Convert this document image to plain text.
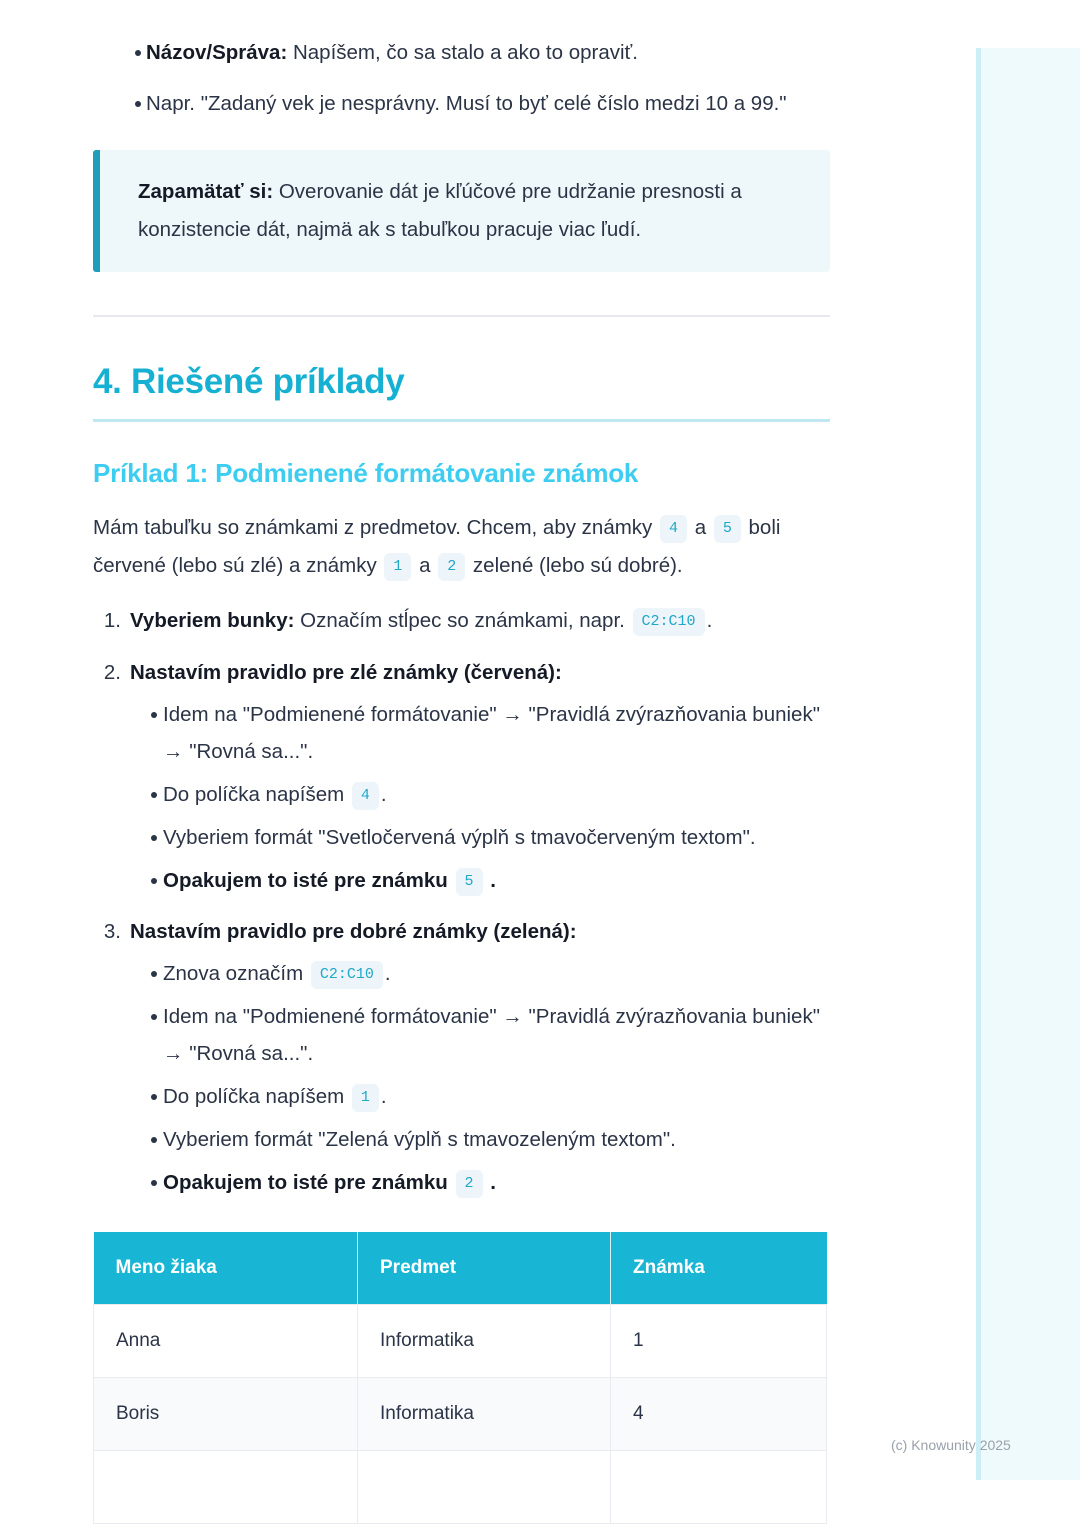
Názov/Správa: Napíšem, čo sa stalo a ako to opraviť.
Napr. "Zadaný vek je nesprávny. Musí to byť celé číslo medzi 10 a 99."
Zapamätať si: Overovanie dát je kľúčové pre udržanie presnosti a konzistencie dát, najmä ak s tabuľkou pracuje viac ľudí.
4. Riešené príklady
Príklad 1: Podmienené formátovanie známok

Mám tabuľku so známkami z predmetov. Chcem, aby známky 4 a 5 boli červené (lebo sú zlé) a známky 1 a 2 zelené (lebo sú dobré).

1. Vyberiem bunky: Označím stĺpec so známkami, napr. C2:C10 .
2. Nastavím pravidlo pre zlé známky (červená):
Idem na "Podmienené formátovanie" → "Pravidlá zvýrazňovania buniek" → "Rovná sa...".
Do políčka napíšem 4 .
Vyberiem formát "Svetločervená výplň s tmavočerveným textom".
Opakujem to isté pre známku 5 .
3. Nastavím pravidlo pre dobré známky (zelená):
Znova označím C2:C10 .
Idem na "Podmienené formátovanie" → "Pravidlá zvýrazňovania buniek" → "Rovná sa...".
Do políčka napíšem 1 .
Vyberiem formát "Zelená výplň s tmavozeleným textom".
Opakujem to isté pre známku 2 .
Meno žiaka	Predmet	Známka
Anna	Informatika	1
Boris	Informatika	4

(c) Knowunity 2025
